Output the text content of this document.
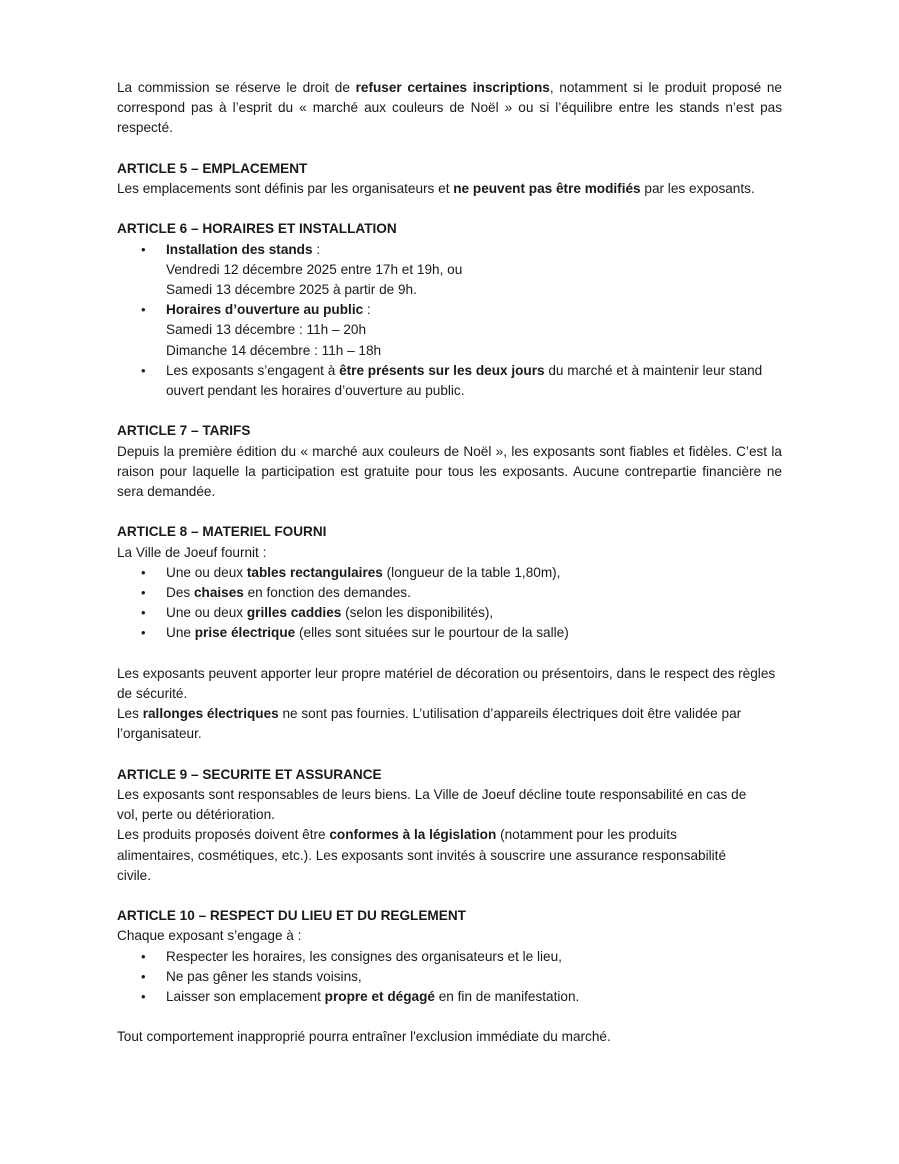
La commission se réserve le droit de refuser certaines inscriptions, notamment si le produit proposé ne correspond pas à l’esprit du « marché aux couleurs de Noël » ou si l’équilibre entre les stands n’est pas respecté.

ARTICLE 5 – EMPLACEMENT

Les emplacements sont définis par les organisateurs et ne peuvent pas être modifiés par les exposants.

ARTICLE 6 – HORAIRES ET INSTALLATION
• Installation des stands :
Vendredi 12 décembre 2025 entre 17h et 19h, ou
Samedi 13 décembre 2025 à partir de 9h.
• Horaires d’ouverture au public :
Samedi 13 décembre : 11h – 20h
Dimanche 14 décembre : 11h – 18h
• Les exposants s’engagent à être présents sur les deux jours du marché et à maintenir leur stand ouvert pendant les horaires d’ouverture au public.
ARTICLE 7 – TARIFS

Depuis la première édition du « marché aux couleurs de Noël », les exposants sont fiables et fidèles. C’est la raison pour laquelle la participation est gratuite pour tous les exposants. Aucune contrepartie financière ne sera demandée.

ARTICLE 8 – MATERIEL FOURNI

La Ville de Joeuf fournit :

• Une ou deux tables rectangulaires (longueur de la table 1,80m),
• Des chaises en fonction des demandes.
• Une ou deux grilles caddies (selon les disponibilités),
• Une prise électrique (elles sont situées sur le pourtour de la salle)

Les exposants peuvent apporter leur propre matériel de décoration ou présentoirs, dans le respect des règles de sécurité.

Les rallonges électriques ne sont pas fournies. L’utilisation d’appareils électriques doit être validée par l’organisateur.

ARTICLE 9 – SECURITE ET ASSURANCE

Les exposants sont responsables de leurs biens. La Ville de Joeuf décline toute responsabilité en cas de vol, perte ou détérioration.

Les produits proposés doivent être conformes à la législation (notamment pour les produits alimentaires, cosmétiques, etc.). Les exposants sont invités à souscrire une assurance responsabilité civile.

ARTICLE 10 – RESPECT DU LIEU ET DU REGLEMENT

Chaque exposant s’engage à :

• Respecter les horaires, les consignes des organisateurs et le lieu,
• Ne pas gêner les stands voisins,
• Laisser son emplacement propre et dégagé en fin de manifestation.

Tout comportement inapproprié pourra entraîner l'exclusion immédiate du marché.
